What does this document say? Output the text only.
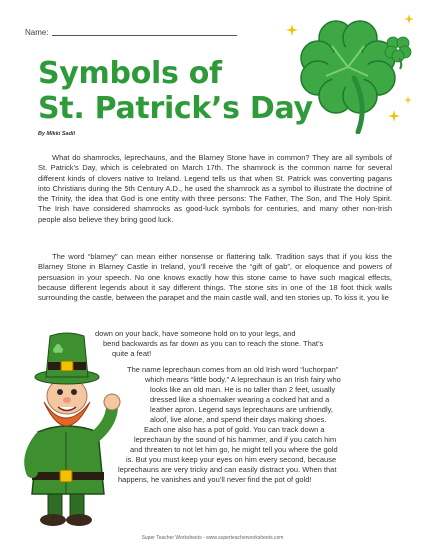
Name:
Symbols of
St. Patrick’s Day
By Mikki Sadil

What do shamrocks, leprechauns, and the Blarney Stone have in common? They are all symbols of St. Patrick’s Day, which is celebrated on March 17th. The shamrock is the common name for several different kinds of clovers native to Ireland. Legend tells us that when St. Patrick was converting pagans into Christians during the 5th Century A.D., he used the shamrock as a symbol to illustrate the doctrine of the Trinity, the idea that God is one entity with three persons: The Father, The Son, and The Holy Spirit. The Irish have considered shamrocks as good-luck symbols for centuries, and many other non-Irish people also believe they bring good luck.

The word “blarney” can mean either nonsense or flattering talk. Tradition says that if you kiss the Blarney Stone in Blarney Castle in Ireland, you’ll receive the “gift of gab”, or eloquence and powers of persuasion in your speech. No one knows exactly how this stone came to have such magical effects, because different legends about it say different things. The stone sits in one of the 18 foot thick walls surrounding the castle, between the parapet and the main castle wall, and ten stories up. To kiss it, you lie

down on your back, have someone hold on to your legs, and
bend backwards as far down as you can to reach the stone. That’s
quite a feat!
The name leprechaun comes from an old Irish word “luchorpan”
which means “little body.” A leprechaun is an Irish fairy who
looks like an old man. He is no taller than 2 feet, usually
dressed like a shoemaker wearing a cocked hat and a
leather apron. Legend says leprechauns are unfriendly,
aloof, live alone, and spend their days making shoes.
Each one also has a pot of gold. You can track down a
leprechaun by the sound of his hammer, and if you catch him
and threaten to not let him go, he might tell you where the gold
is. But you must keep your eyes on him every second, because
leprechauns are very tricky and can easily distract you. When that
happens, he vanishes and you’ll never find the pot of gold!
Super Teacher Worksheets - www.superteacherworksheets.com
